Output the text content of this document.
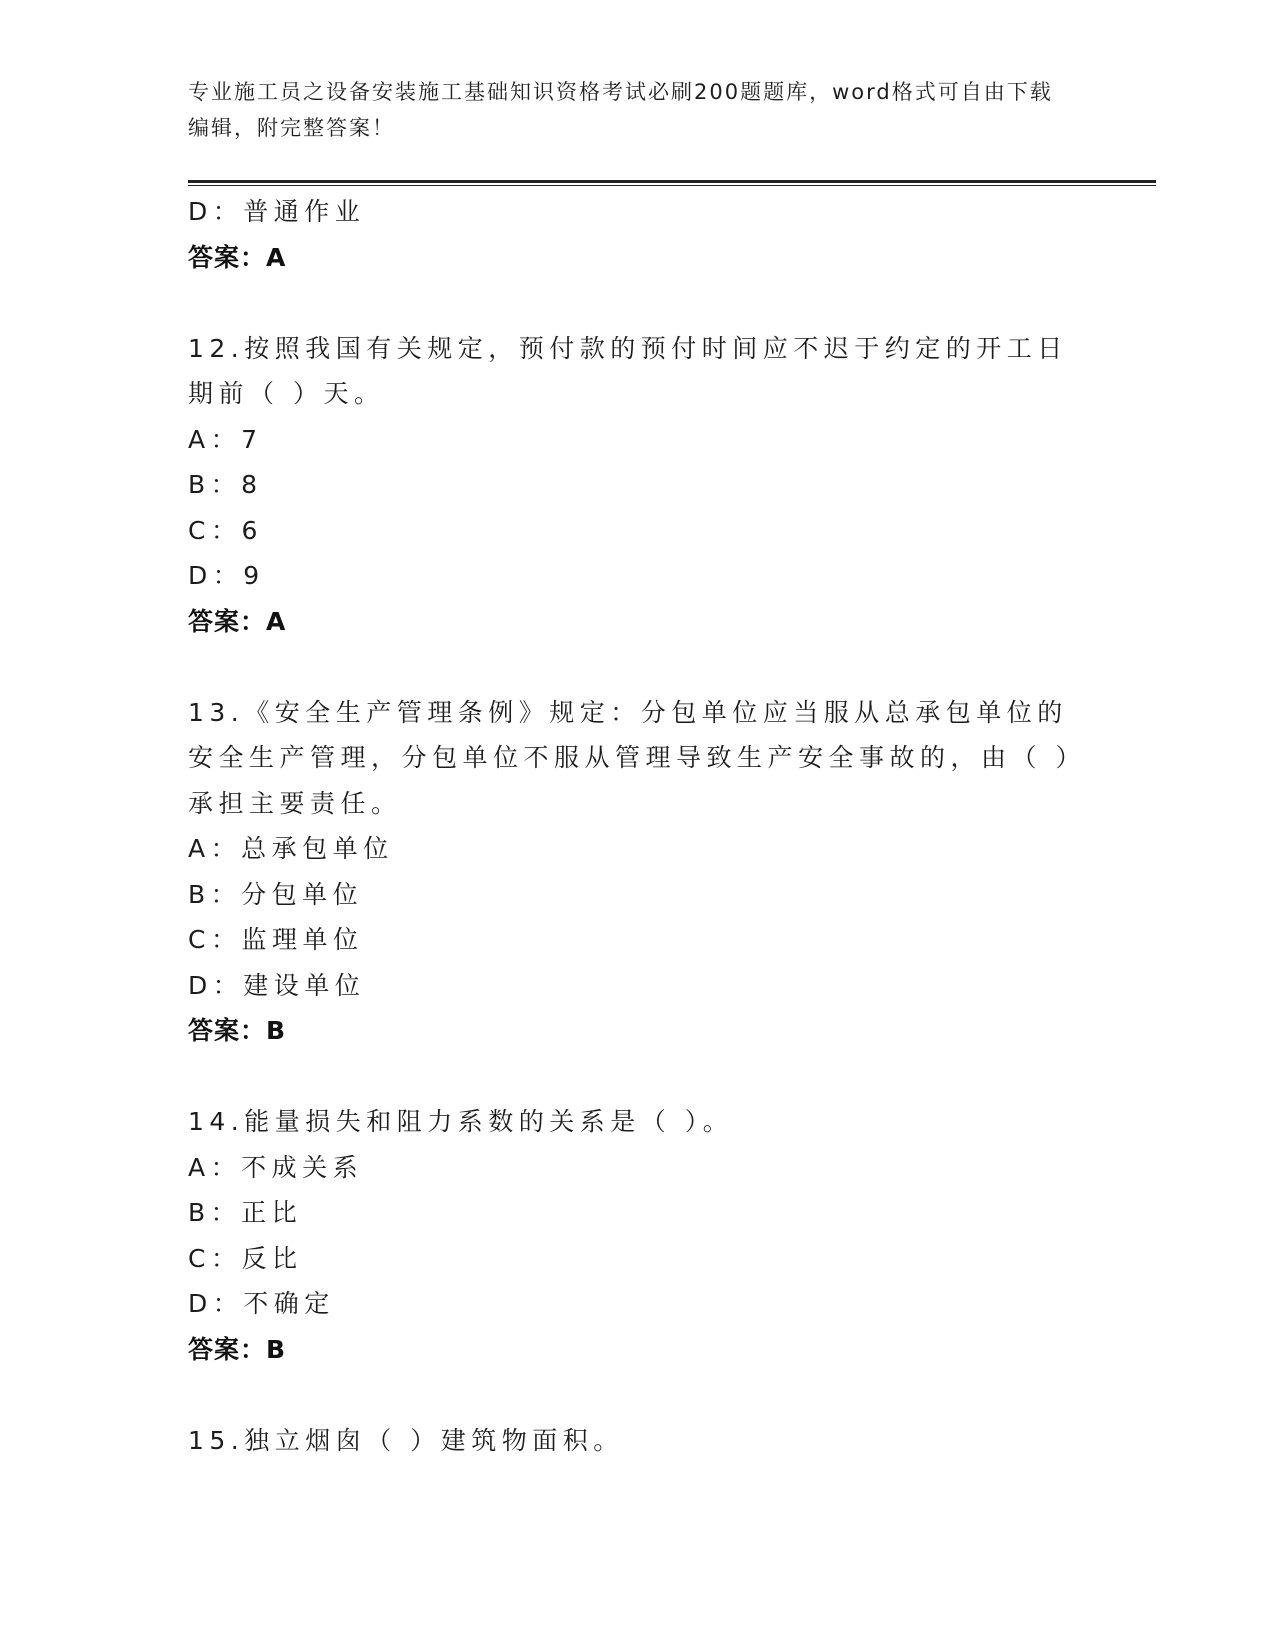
专业施工员之设备安装施工基础知识资格考试必刷200题题库，word格式可自由下载编辑，附完整答案！
D：普通作业
答案：A
12.按照我国有关规定，预付款的预付时间应不迟于约定的开工日期前（ ）天。
A：7
B：8
C：6
D：9
答案：A
13.《安全生产管理条例》规定：分包单位应当服从总承包单位的安全生产管理，分包单位不服从管理导致生产安全事故的，由（ ）承担主要责任。
A：总承包单位
B：分包单位
C：监理单位
D：建设单位
答案：B
14.能量损失和阻力系数的关系是（ ）。
A：不成关系
B：正比
C：反比
D：不确定
答案：B
15.独立烟囱（ ）建筑物面积。
